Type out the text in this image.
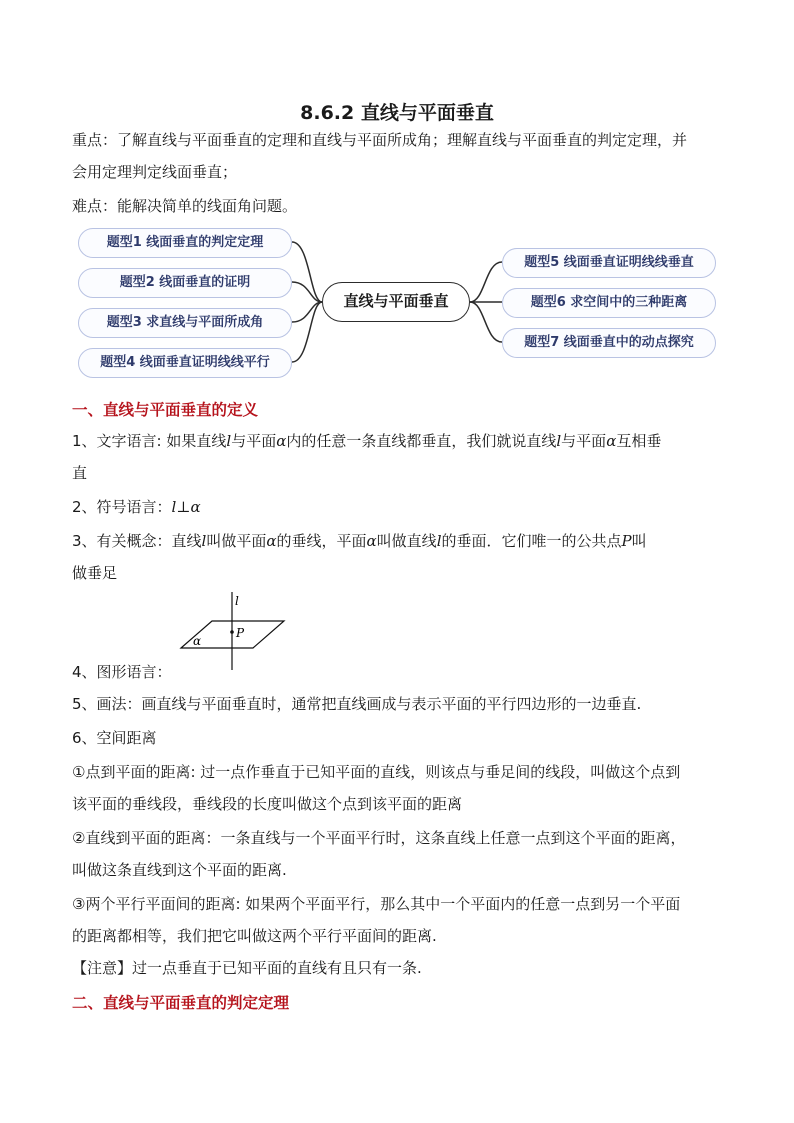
8.6.2 直线与平面垂直
重点：了解直线与平面垂直的定理和直线与平面所成角；理解直线与平面垂直的判定定理，并
会用定理判定线面垂直；
难点：能解决简单的线面角问题。
题型1 线面垂直的判定定理
题型2 线面垂直的证明
题型3 求直线与平面所成角
题型4 线面垂直证明线线平行
直线与平面垂直
题型5 线面垂直证明线线垂直
题型6 求空间中的三种距离
题型7 线面垂直中的动点探究
一、直线与平面垂直的定义
1、文字语言: 如果直线l与平面α内的任意一条直线都垂直，我们就说直线l与平面α互相垂
直
2、符号语言：l⊥α
3、有关概念：直线l叫做平面α的垂线，平面α叫做直线l的垂面．它们唯一的公共点P叫
做垂足
l
P
α
4、图形语言：
5、画法：画直线与平面垂直时，通常把直线画成与表示平面的平行四边形的一边垂直.
6、空间距离
①点到平面的距离: 过一点作垂直于已知平面的直线，则该点与垂足间的线段，叫做这个点到
该平面的垂线段，垂线段的长度叫做这个点到该平面的距离
②直线到平面的距离：一条直线与一个平面平行时，这条直线上任意一点到这个平面的距离，
叫做这条直线到这个平面的距离.
③两个平行平面间的距离: 如果两个平面平行，那么其中一个平面内的任意一点到另一个平面
的距离都相等，我们把它叫做这两个平行平面间的距离.
【注意】过一点垂直于已知平面的直线有且只有一条.
二、直线与平面垂直的判定定理
